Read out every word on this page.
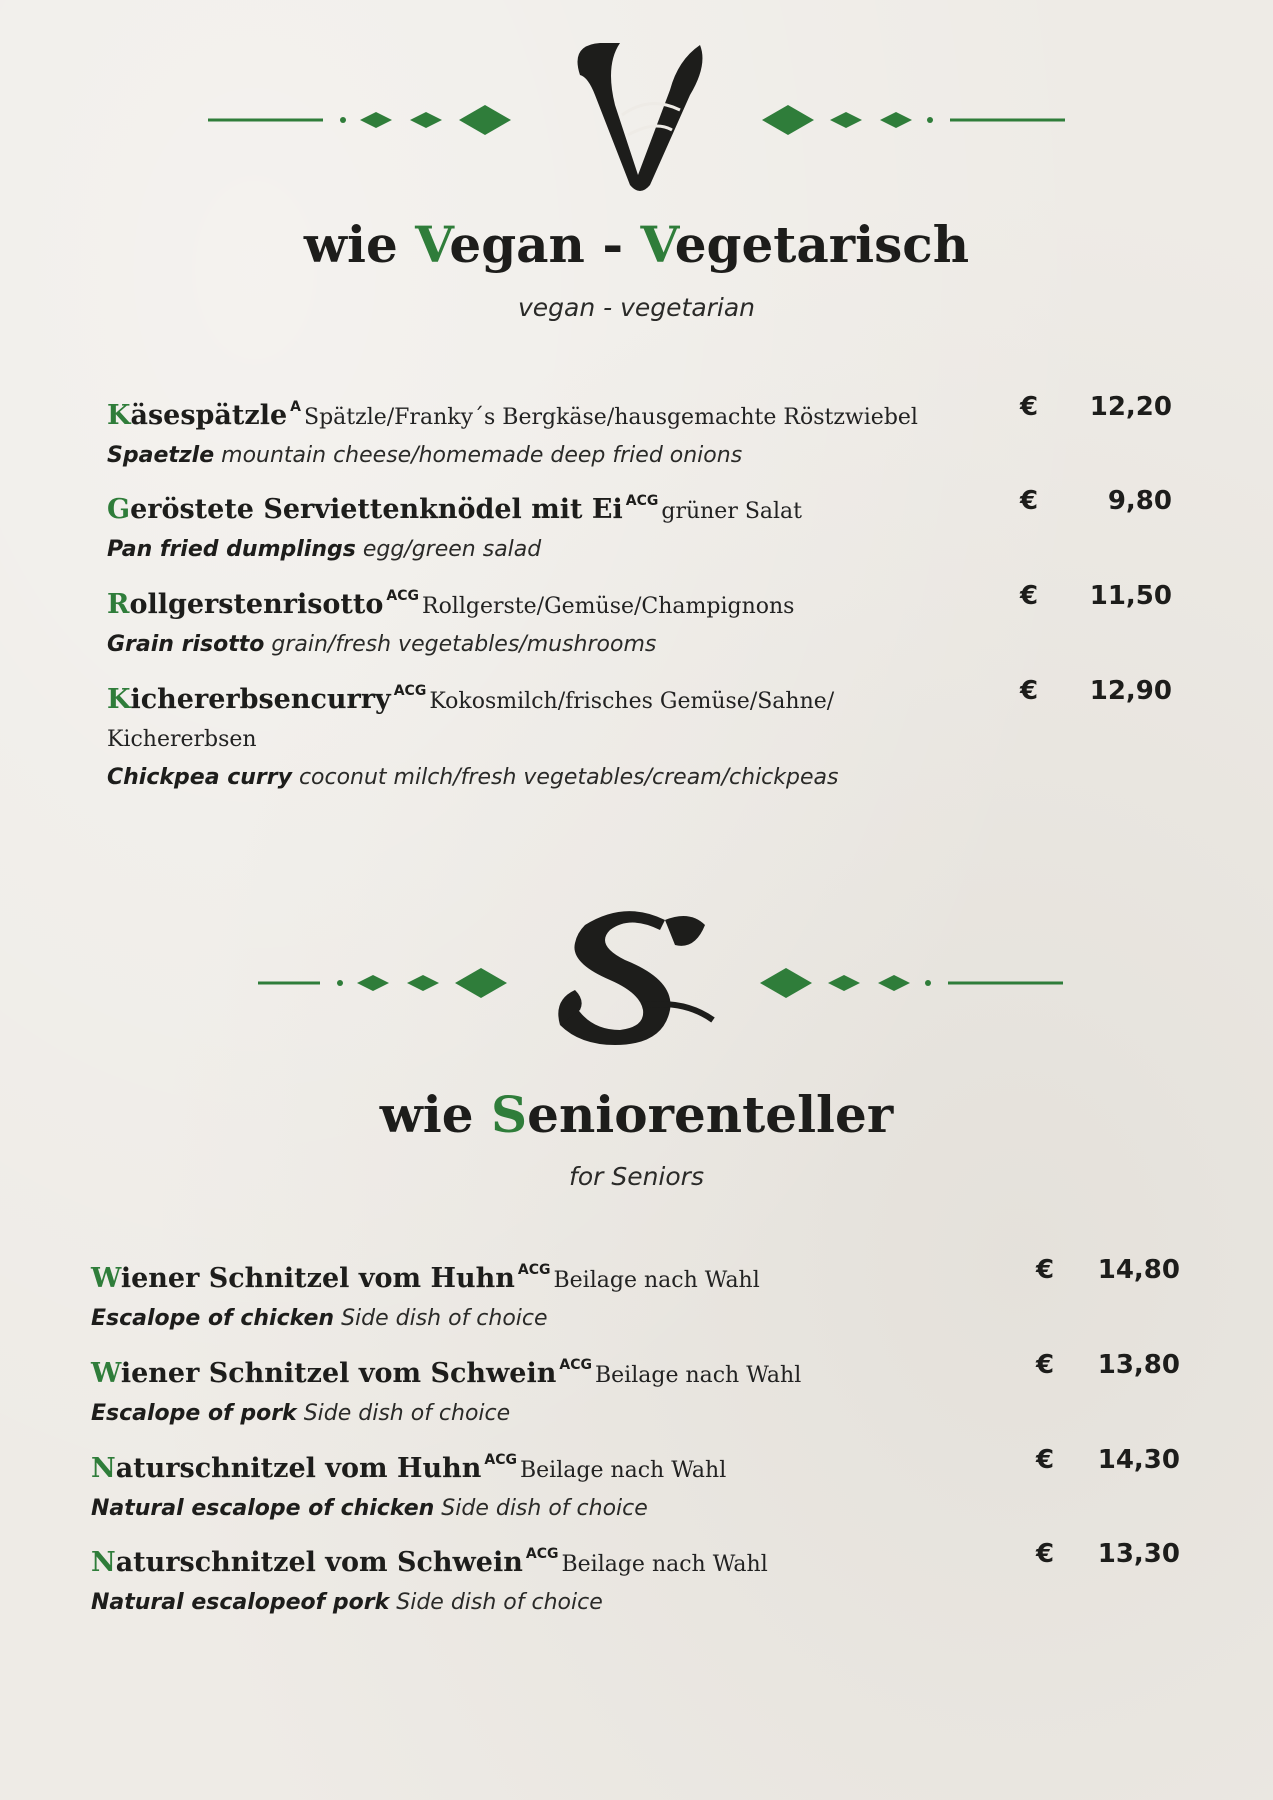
wie Vegan - Vegetarisch
vegan - vegetarian
Käsespätzle $^A$ Spätzle/Franky´s Bergkäse/hausgemachte Röstzwiebel
Spaetzle mountain cheese/homemade deep fried onions
€	12,20
Geröstete Serviettenknödel mit Ei $^{ACG}$ grüner Salat
Pan fried dumplings egg/green salad
€	9,80
Rollgerstenrisotto $^{ACG}$ Rollgerste/Gemüse/Champignons
Grain risotto grain/fresh vegetables/mushrooms
€	11,50
Kichererbsencurry $^{ACG}$ Kokosmilch/frisches Gemüse/Sahne/
Kichererbsen
Chickpea curry coconut milch/fresh vegetables/cream/chickpeas
€	12,90
wie Seniorenteller
for Seniors
Wiener Schnitzel vom Huhn $^{ACG}$ Beilage nach Wahl
Escalope of chicken Side dish of choice
€	14,80
Wiener Schnitzel vom Schwein $^{ACG}$ Beilage nach Wahl
Escalope of pork Side dish of choice
€	13,80
Naturschnitzel vom Huhn $^{ACG}$ Beilage nach Wahl
Natural escalope of chicken Side dish of choice
€	14,30
Naturschnitzel vom Schwein $^{ACG}$ Beilage nach Wahl
Natural escalopeof pork Side dish of choice
€	13,30
